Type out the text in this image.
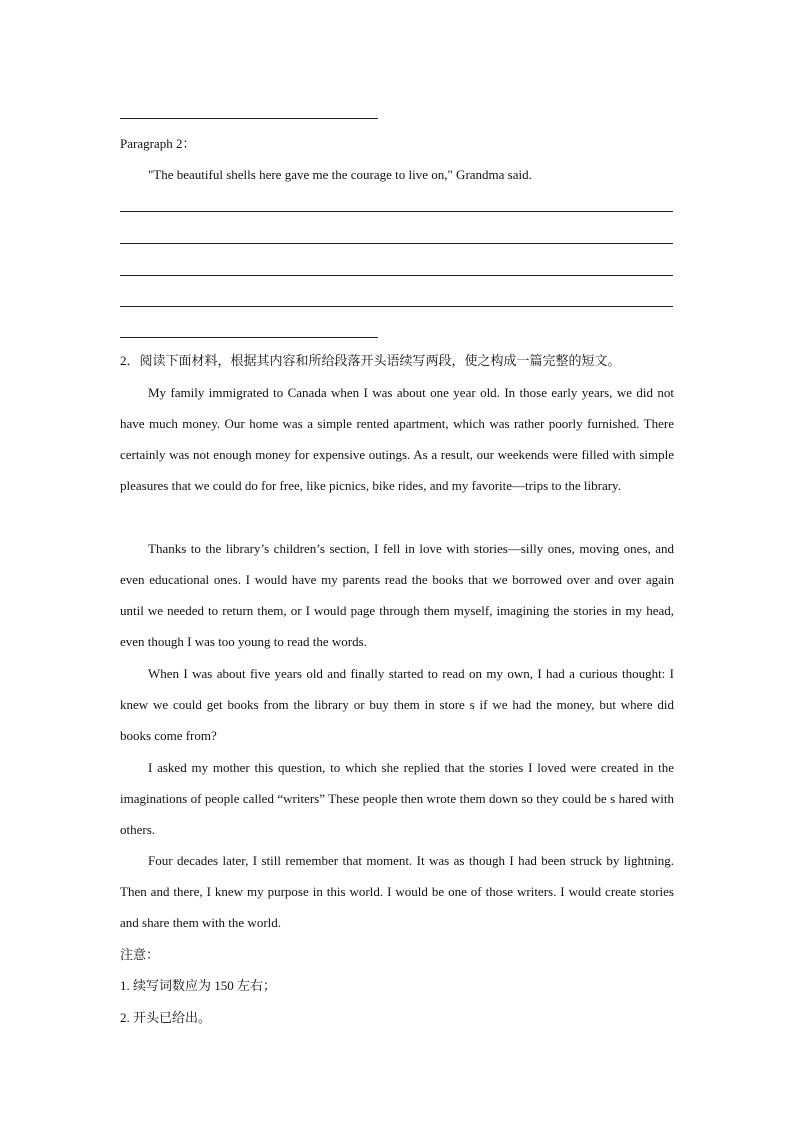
Paragraph 2：
"The beautiful shells here gave me the courage to live on," Grandma said.
2．阅读下面材料，根据其内容和所给段落开头语续写两段，使之构成一篇完整的短文。
My family immigrated to Canada when I was about one year old. In those early years, we did not have much money. Our home was a simple rented apartment, which was rather poorly furnished. There certainly was not enough money for expensive outings. As a result, our weekends were filled with simple pleasures that we could do for free, like picnics, bike rides, and my favorite—trips to the library.
Thanks to the library’s children’s section, I fell in love with stories—silly ones, moving ones, and even educational ones. I would have my parents read the books that we borrowed over and over again until we needed to return them, or I would page through them myself, imagining the stories in my head, even though I was too young to read the words.
When I was about five years old and finally started to read on my own, I had a curious thought: I knew we could get books from the library or buy them in store s if we had the money, but where did books come from?
I asked my mother this question, to which she replied that the stories I loved were created in the imaginations of people called “writers” These people then wrote them down so they could be s hared with others.
Four decades later, I still remember that moment. It was as though I had been struck by lightning. Then and there, I knew my purpose in this world. I would be one of those writers. I would create stories and share them with the world.
注意：
1. 续写词数应为 150 左右；
2. 开头已给出。
